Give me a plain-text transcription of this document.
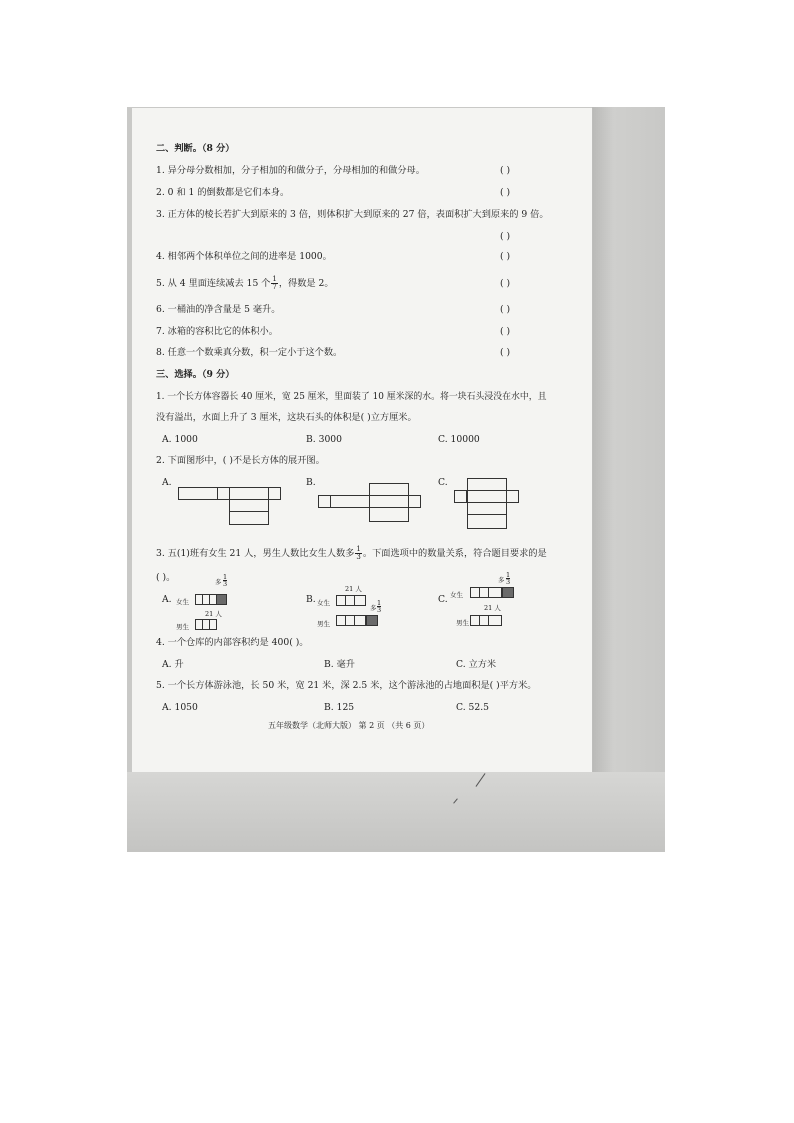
二、判断。（8 分）
1. 异分母分数相加，分子相加的和做分子，分母相加的和做分母。	( )
2. 0 和 1 的倒数都是它们本身。	( )
3. 正方体的棱长若扩大到原来的 3 倍，则体积扩大到原来的 27 倍，表面积扩大到原来的 9 倍。
( )
4. 相邻两个体积单位之间的进率是 1000。	( )
5. 从 4 里面连续减去 15 个 $\frac{1}{7}$ ，得数是 2。	( )
6. 一桶油的净含量是 5 毫升。	( )
7. 冰箱的容积比它的体积小。	( )
8. 任意一个数乘真分数，积一定小于这个数。	( )
三、选择。（9 分）
1. 一个长方体容器长 40 厘米，宽 25 厘米，里面装了 10 厘米深的水。将一块石头浸没在水中，且
没有溢出，水面上升了 3 厘米，这块石头的体积是( )立方厘米。
A. 1000	B. 3000	C. 10000
2. 下面图形中，( )不是长方体的展开图。
A.	B.	C.
3. 五(1)班有女生 21 人，男生人数比女生人数多 $\frac{1}{3}$ 。下面选项中的数量关系，符合题目要求的是
( )。
A.
多
1
3
女生
21 人
男生
B.
21 人
女生
多
1
3
男生
C.
多
1
3
女生
21 人
男生
4. 一个仓库的内部容积约是 400( )。
A. 升	B. 毫升	C. 立方米
5. 一个长方体游泳池，长 50 米，宽 21 米，深 2.5 米，这个游泳池的占地面积是( )平方米。
A. 1050	B. 125	C. 52.5
五年级数学（北师大版） 第 2 页 （共 6 页）
